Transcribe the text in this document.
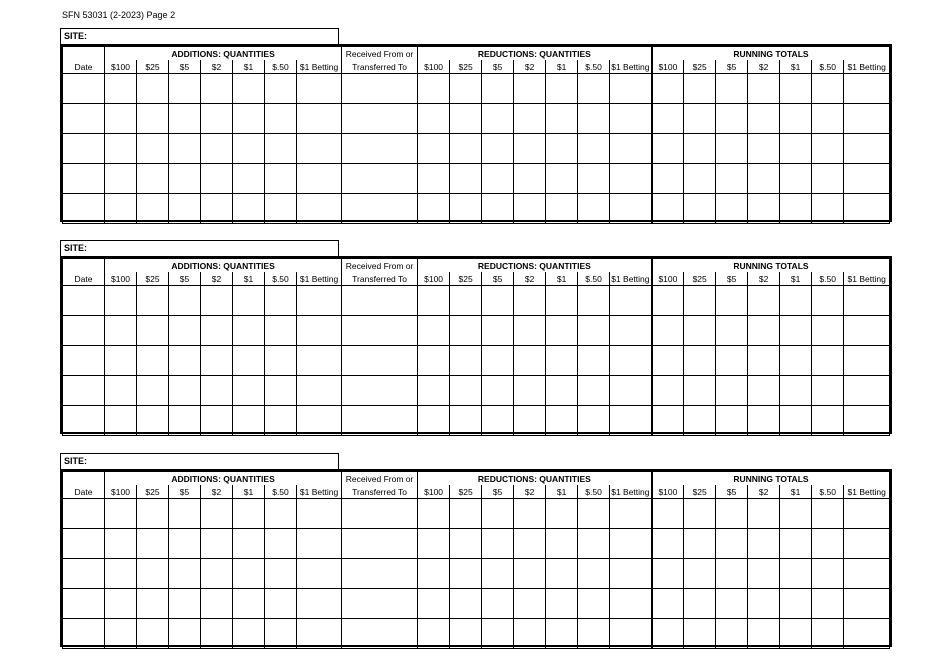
SFN 53031 (2-2023) Page 2
SITE:
	ADDITIONS: QUANTITIES							Received From or	REDUCTIONS: QUANTITIES							RUNNING TOTALS						
Date	$100	$25	$5	$2	$1	$.50	$1 Betting	Transferred To	$100	$25	$5	$2	$1	$.50	$1 Betting	$100	$25	$5	$2	$1	$.50	$1 Betting

SITE:
	ADDITIONS: QUANTITIES							Received From or	REDUCTIONS: QUANTITIES							RUNNING TOTALS						
Date	$100	$25	$5	$2	$1	$.50	$1 Betting	Transferred To	$100	$25	$5	$2	$1	$.50	$1 Betting	$100	$25	$5	$2	$1	$.50	$1 Betting

SITE:
	ADDITIONS: QUANTITIES							Received From or	REDUCTIONS: QUANTITIES							RUNNING TOTALS						
Date	$100	$25	$5	$2	$1	$.50	$1 Betting	Transferred To	$100	$25	$5	$2	$1	$.50	$1 Betting	$100	$25	$5	$2	$1	$.50	$1 Betting
